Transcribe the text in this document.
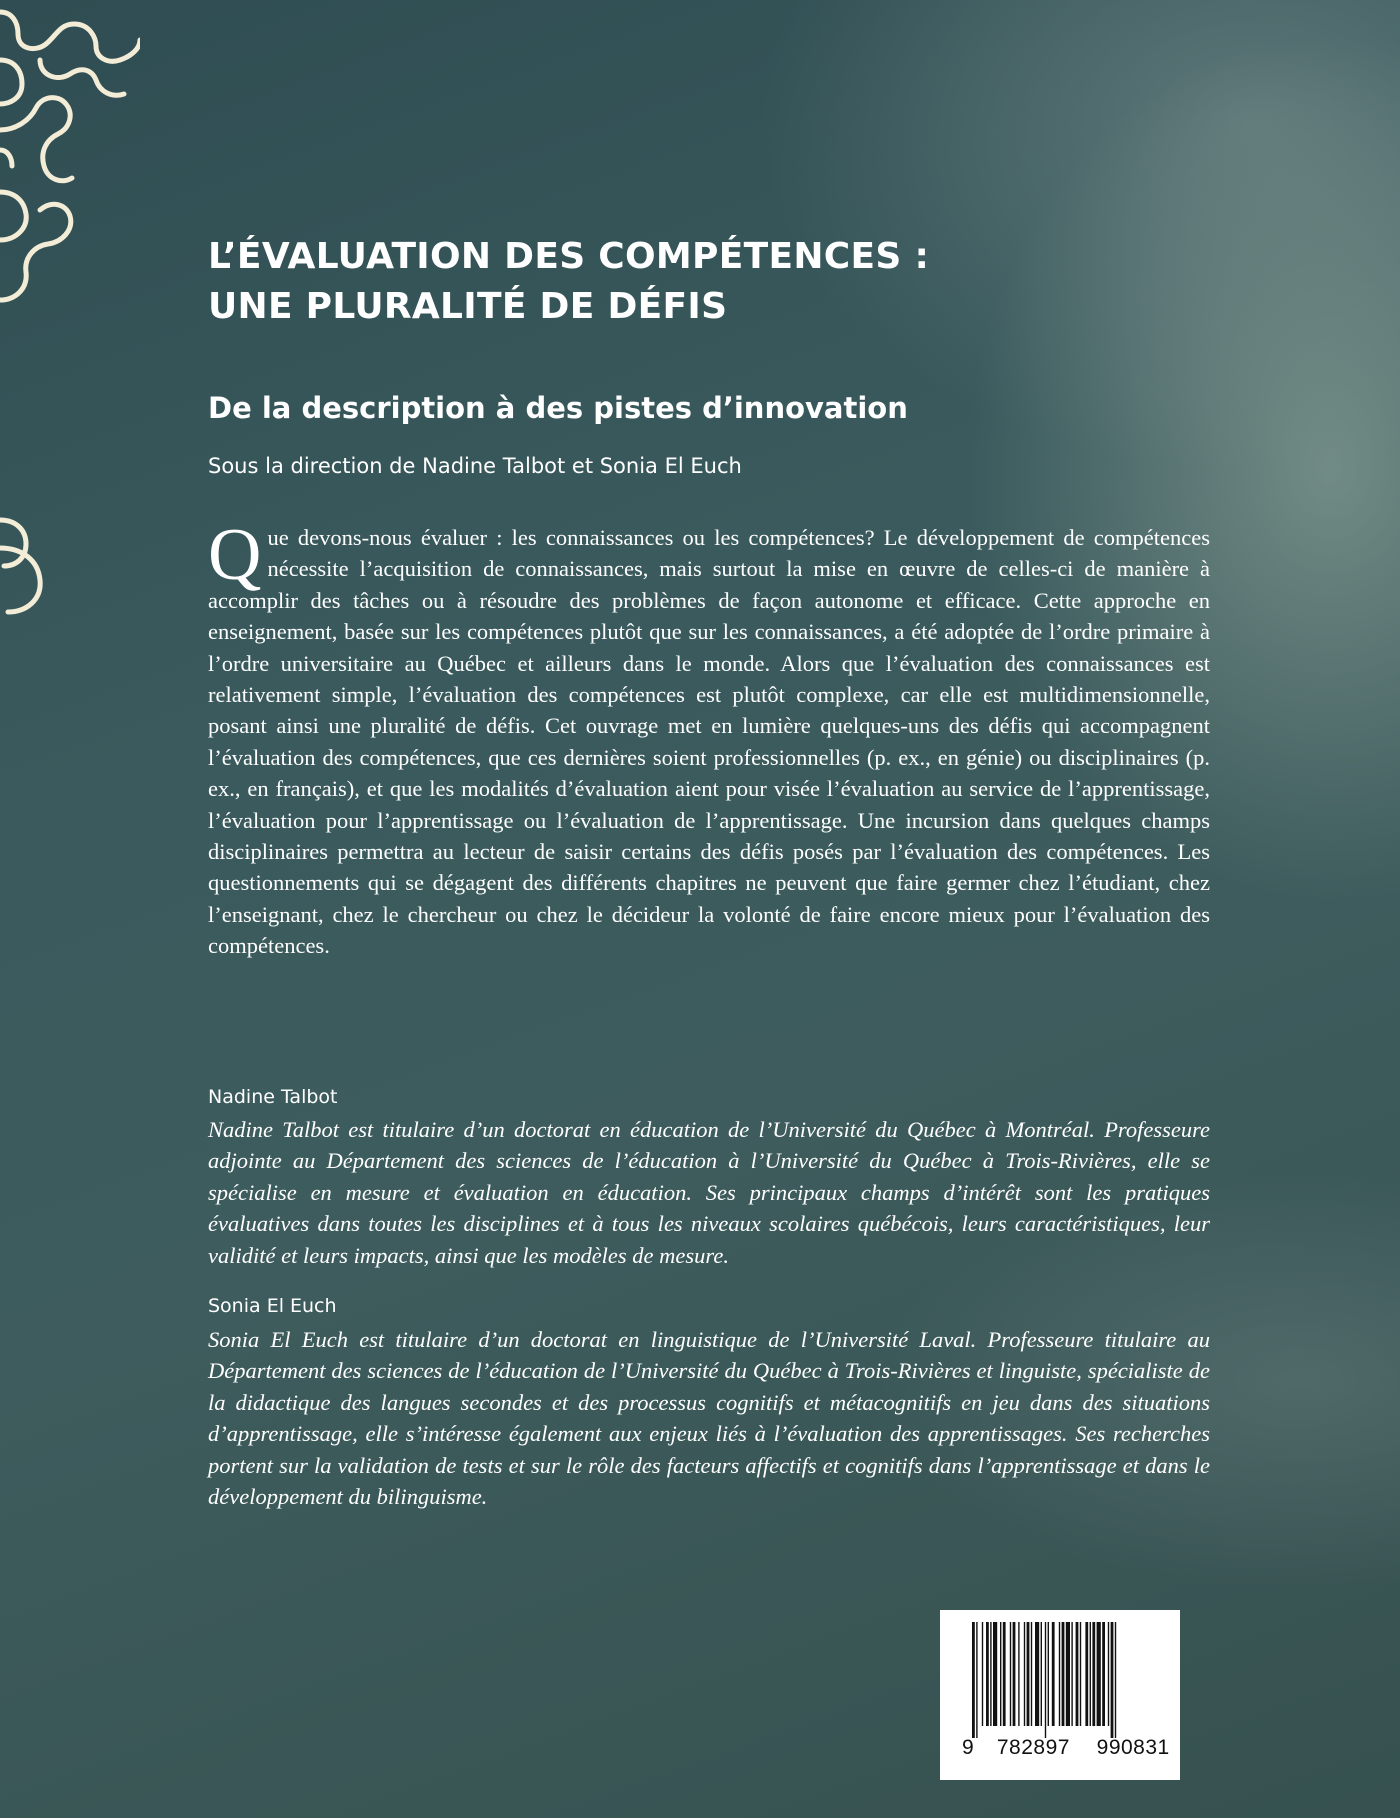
L’ÉVALUATION DES COMPÉTENCES :
UNE PLURALITÉ DE DÉFIS
De la description à des pistes d’innovation
Sous la direction de Nadine Talbot et Sonia El Euch

Que devons-nous évaluer : les connaissances ou les compétences? Le développement de compétences nécessite l’acquisition de connaissances, mais surtout la mise en œuvre de celles-ci de manière à accomplir des tâches ou à résoudre des problèmes de façon autonome et efficace. Cette approche en enseignement, basée sur les compétences plutôt que sur les connaissances, a été adoptée de l’ordre primaire à l’ordre universitaire au Québec et ailleurs dans le monde. Alors que l’évaluation des connaissances est relativement simple, l’évaluation des compétences est plutôt complexe, car elle est multidimensionnelle, posant ainsi une pluralité de défis. Cet ouvrage met en lumière quelques-uns des défis qui accompagnent l’évaluation des compétences, que ces dernières soient professionnelles (p. ex., en génie) ou disciplinaires (p. ex., en français), et que les modalités d’évaluation aient pour visée l’évaluation au service de l’apprentissage, l’évaluation pour l’apprentissage ou l’évaluation de l’apprentissage. Une incursion dans quelques champs disciplinaires permettra au lecteur de saisir certains des défis posés par l’évaluation des compétences. Les questionnements qui se dégagent des différents chapitres ne peuvent que faire germer chez l’étudiant, chez l’enseignant, chez le chercheur ou chez le décideur la volonté de faire encore mieux pour l’évaluation des compétences.

Nadine Talbot

Nadine Talbot est titulaire d’un doctorat en éducation de l’Université du Québec à Montréal. Professeure adjointe au Département des sciences de l’éducation à l’Université du Québec à Trois-Rivières, elle se spécialise en mesure et évaluation en éducation. Ses principaux champs d’intérêt sont les pratiques évaluatives dans toutes les disciplines et à tous les niveaux scolaires québécois, leurs caractéristiques, leur validité et leurs impacts, ainsi que les modèles de mesure.

Sonia El Euch

Sonia El Euch est titulaire d’un doctorat en linguistique de l’Université Laval. Professeure titulaire au Département des sciences de l’éducation de l’Université du Québec à Trois-Rivières et linguiste, spécialiste de la didactique des langues secondes et des processus cognitifs et métacognitifs en jeu dans des situations d’apprentissage, elle s’intéresse également aux enjeux liés à l’évaluation des apprentissages. Ses recherches portent sur la validation de tests et sur le rôle des facteurs affectifs et cognitifs dans l’apprentissage et dans le développement du bilinguisme.

9 782897 990831
